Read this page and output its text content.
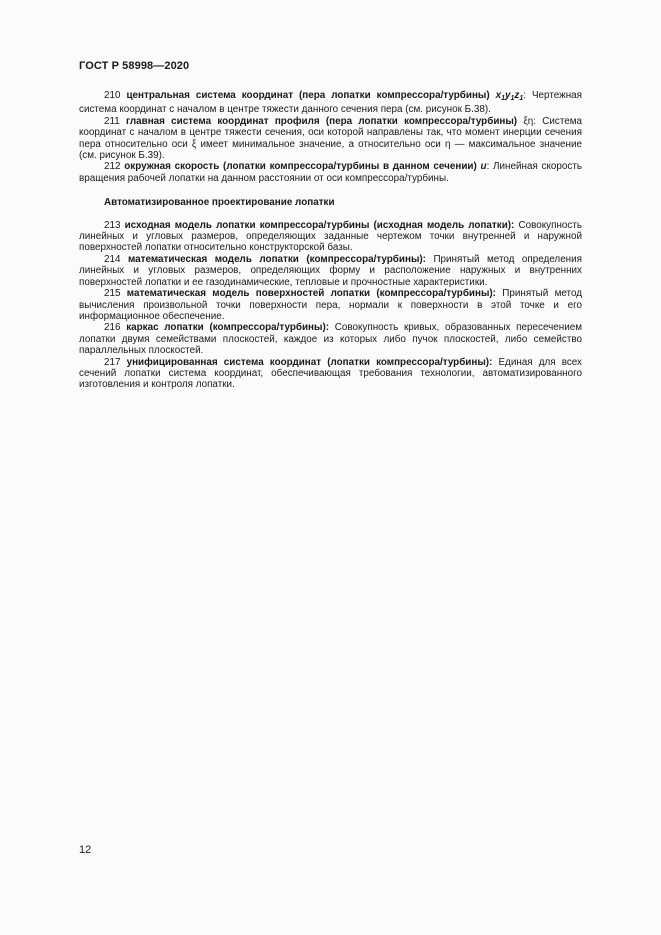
ГОСТ Р 58998—2020

210 центральная система координат (пера лопатки компрессора/турбины) $x_1y_1z_1$: Чертежная система координат с началом в центре тяжести данного сечения пера (см. рисунок Б.38).

211 главная система координат профиля (пера лопатки компрессора/турбины) ξη: Система координат с началом в центре тяжести сечения, оси которой направлены так, что момент инерции сечения пера относительно оси ξ имеет минимальное значение, а относительно оси η — максимальное значение (см. рисунок Б.39).

212 окружная скорость (лопатки компрессора/турбины в данном сечении) u: Линейная скорость вращения рабочей лопатки на данном расстоянии от оси компрессора/турбины.

Автоматизированное проектирование лопатки

213 исходная модель лопатки компрессора/турбины (исходная модель лопатки): Совокупность линейных и угловых размеров, определяющих заданные чертежом точки внутренней и наружной поверхностей лопатки относительно конструкторской базы.

214 математическая модель лопатки (компрессора/турбины): Принятый метод определения линейных и угловых размеров, определяющих форму и расположение наружных и внутренних поверхностей лопатки и ее газодинамические, тепловые и прочностные характеристики.

215 математическая модель поверхностей лопатки (компрессора/турбины): Принятый метод вычисления произвольной точки поверхности пера, нормали к поверхности в этой точке и его информационное обеспечение.

216 каркас лопатки (компрессора/турбины): Совокупность кривых, образованных пересечением лопатки двумя семействами плоскостей, каждое из которых либо пучок плоскостей, либо семейство параллельных плоскостей.

217 унифицированная система координат (лопатки компрессора/турбины): Единая для всех сечений лопатки система координат, обеспечивающая требования технологии, автоматизированного изготовления и контроля лопатки.

12
